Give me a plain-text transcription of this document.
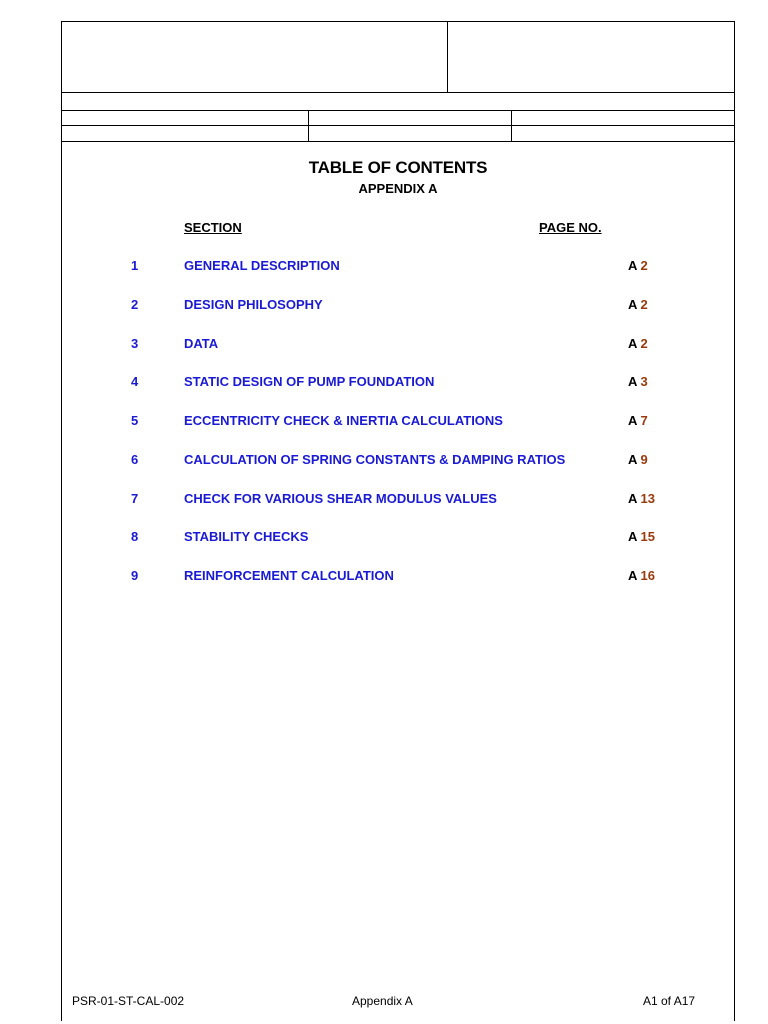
TABLE OF CONTENTS
APPENDIX A
SECTION	PAGE NO.
1	GENERAL DESCRIPTION	A 2
2	DESIGN PHILOSOPHY	A 2
3	DATA	A 2
4	STATIC DESIGN OF PUMP FOUNDATION	A 3
5	ECCENTRICITY CHECK & INERTIA CALCULATIONS	A 7
6	CALCULATION OF SPRING CONSTANTS & DAMPING RATIOS	A 9
7	CHECK FOR VARIOUS SHEAR MODULUS VALUES	A 13
8	STABILITY CHECKS	A 15
9	REINFORCEMENT CALCULATION	A 16
PSR-01-ST-CAL-002	Appendix A	A1 of A17
